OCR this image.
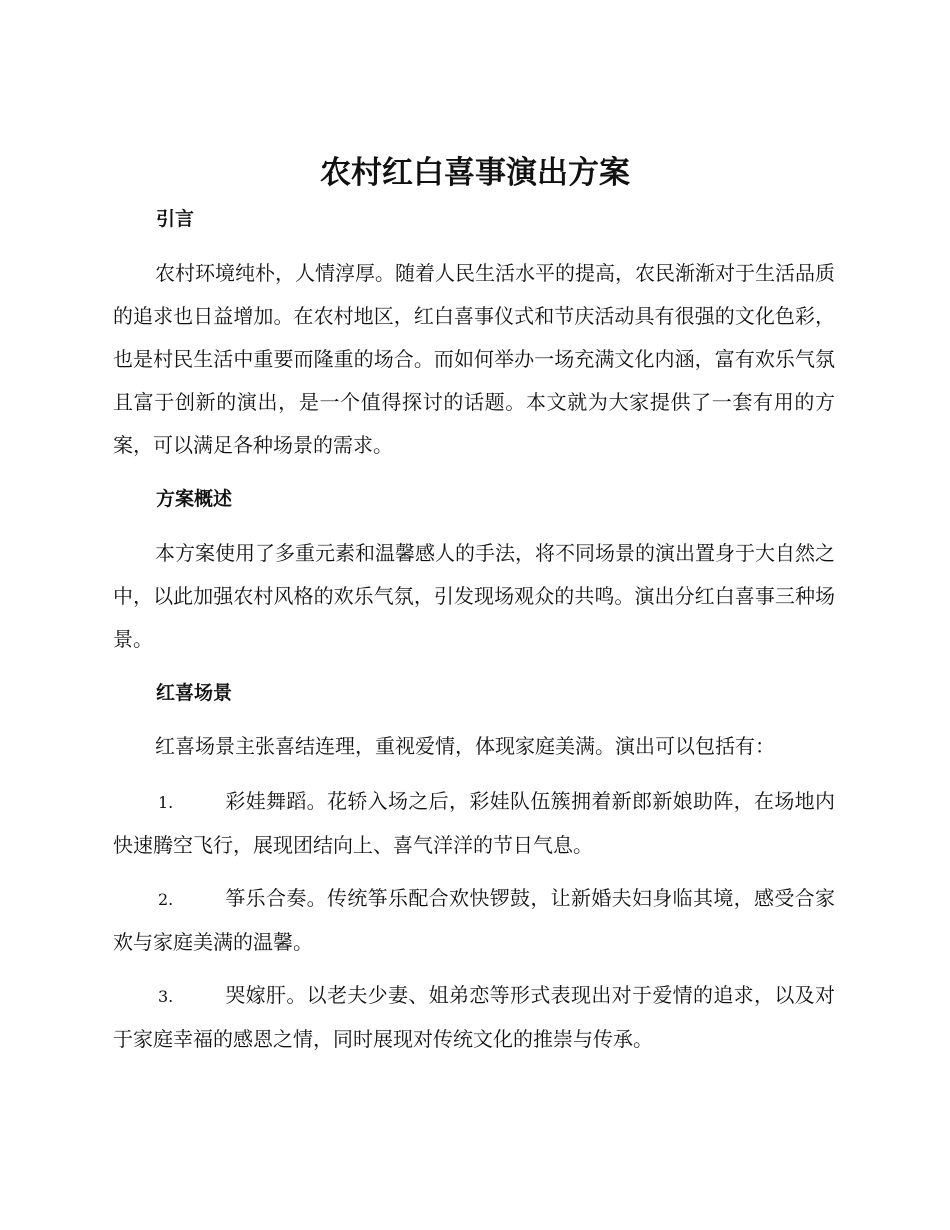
农村红白喜事演出方案
引言

农村环境纯朴，人情淳厚。随着人民生活水平的提高，农民渐渐对于生活品质的追求也日益增加。在农村地区，红白喜事仪式和节庆活动具有很强的文化色彩，也是村民生活中重要而隆重的场合。而如何举办一场充满文化内涵，富有欢乐气氛且富于创新的演出，是一个值得探讨的话题。本文就为大家提供了一套有用的方案，可以满足各种场景的需求。

方案概述

本方案使用了多重元素和温馨感人的手法，将不同场景的演出置身于大自然之中，以此加强农村风格的欢乐气氛，引发现场观众的共鸣。演出分红白喜事三种场景。

红喜场景

红喜场景主张喜结连理，重视爱情，体现家庭美满。演出可以包括有：

1.	彩娃舞蹈。花轿入场之后，彩娃队伍簇拥着新郎新娘助阵，在场地内快速腾空飞行，展现团结向上、喜气洋洋的节日气息。

2.	筝乐合奏。传统筝乐配合欢快锣鼓，让新婚夫妇身临其境，感受合家欢与家庭美满的温馨。

3.	哭嫁肝。以老夫少妻、姐弟恋等形式表现出对于爱情的追求，以及对于家庭幸福的感恩之情，同时展现对传统文化的推崇与传承。
